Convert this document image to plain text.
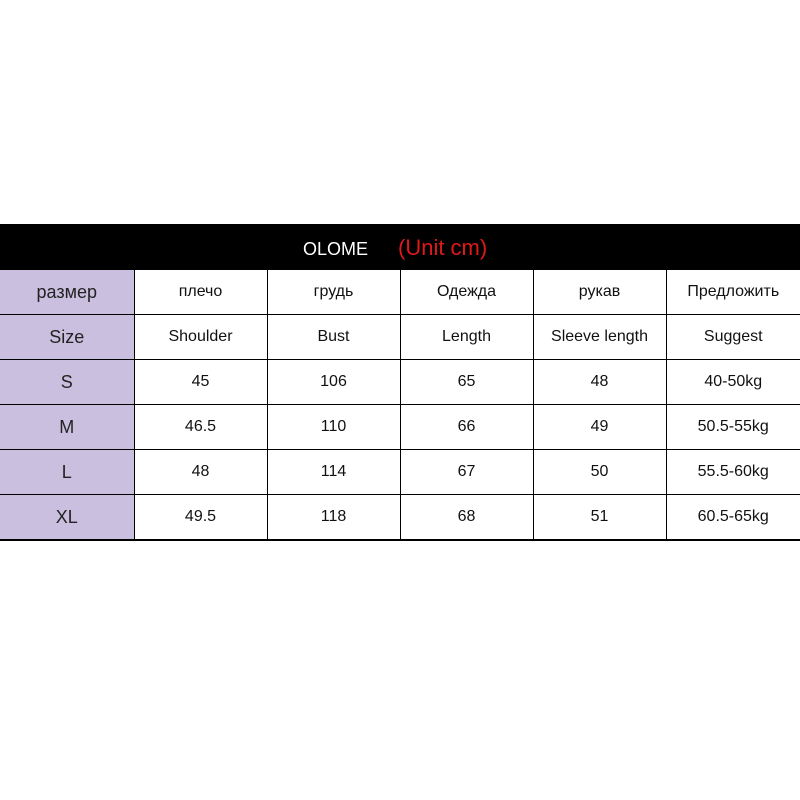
OLOME (Unit cm)
размер	плечо	грудь	Одежда	рукав	Предложить
Size	Shoulder	Bust	Length	Sleeve length	Suggest
S	45	106	65	48	40-50kg
M	46.5	110	66	49	50.5-55kg
L	48	114	67	50	55.5-60kg
XL	49.5	118	68	51	60.5-65kg
